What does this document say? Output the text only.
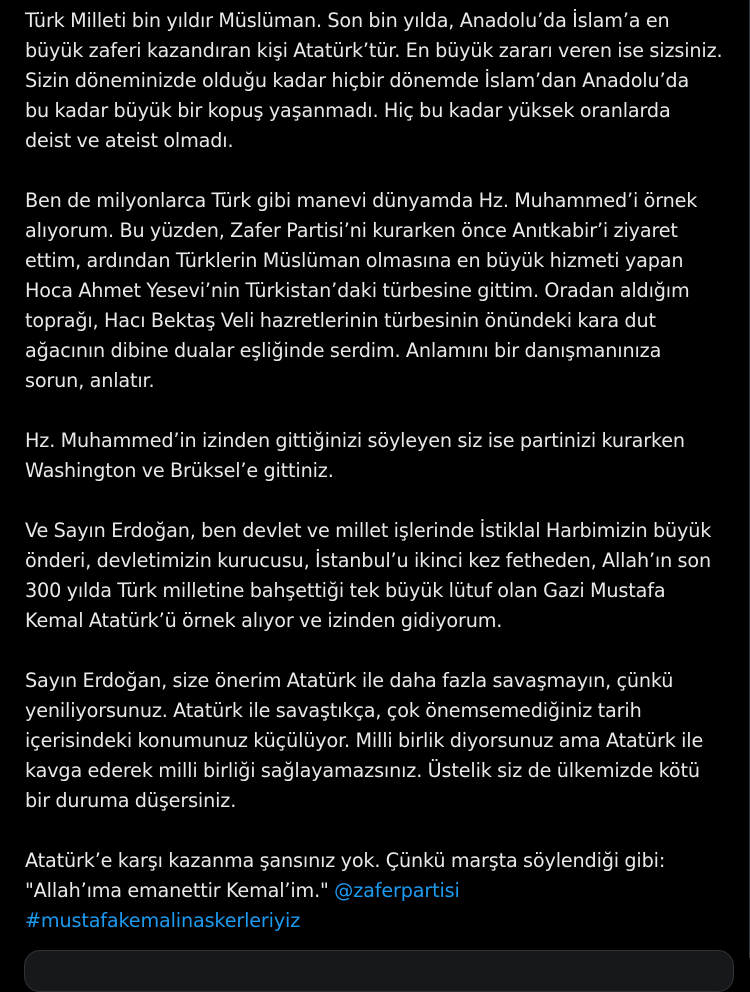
Türk Milleti bin yıldır Müslüman. Son bin yılda, Anadolu’da İslam’a en
büyük zaferi kazandıran kişi Atatürk’tür. En büyük zararı veren ise sizsiniz.
Sizin döneminizde olduğu kadar hiçbir dönemde İslam’dan Anadolu’da
bu kadar büyük bir kopuş yaşanmadı. Hiç bu kadar yüksek oranlarda
deist ve ateist olmadı.

Ben de milyonlarca Türk gibi manevi dünyamda Hz. Muhammed’i örnek
alıyorum. Bu yüzden, Zafer Partisi’ni kurarken önce Anıtkabir’i ziyaret
ettim, ardından Türklerin Müslüman olmasına en büyük hizmeti yapan
Hoca Ahmet Yesevi’nin Türkistan’daki türbesine gittim. Oradan aldığım
toprağı, Hacı Bektaş Veli hazretlerinin türbesinin önündeki kara dut
ağacının dibine dualar eşliğinde serdim. Anlamını bir danışmanınıza
sorun, anlatır.

Hz. Muhammed’in izinden gittiğinizi söyleyen siz ise partinizi kurarken
Washington ve Brüksel’e gittiniz.

Ve Sayın Erdoğan, ben devlet ve millet işlerinde İstiklal Harbimizin büyük
önderi, devletimizin kurucusu, İstanbul’u ikinci kez fetheden, Allah’ın son
300 yılda Türk milletine bahşettiği tek büyük lütuf olan Gazi Mustafa
Kemal Atatürk’ü örnek alıyor ve izinden gidiyorum.

Sayın Erdoğan, size önerim Atatürk ile daha fazla savaşmayın, çünkü
yeniliyorsunuz. Atatürk ile savaştıkça, çok önemsemediğiniz tarih
içerisindeki konumunuz küçülüyor. Milli birlik diyorsunuz ama Atatürk ile
kavga ederek milli birliği sağlayamazsınız. Üstelik siz de ülkemizde kötü
bir duruma düşersiniz.

Atatürk’e karşı kazanma şansınız yok. Çünkü marşta söylendiği gibi:
"Allah’ıma emanettir Kemal’im." @zaferpartisi
#mustafakemalinaskerleriyiz
